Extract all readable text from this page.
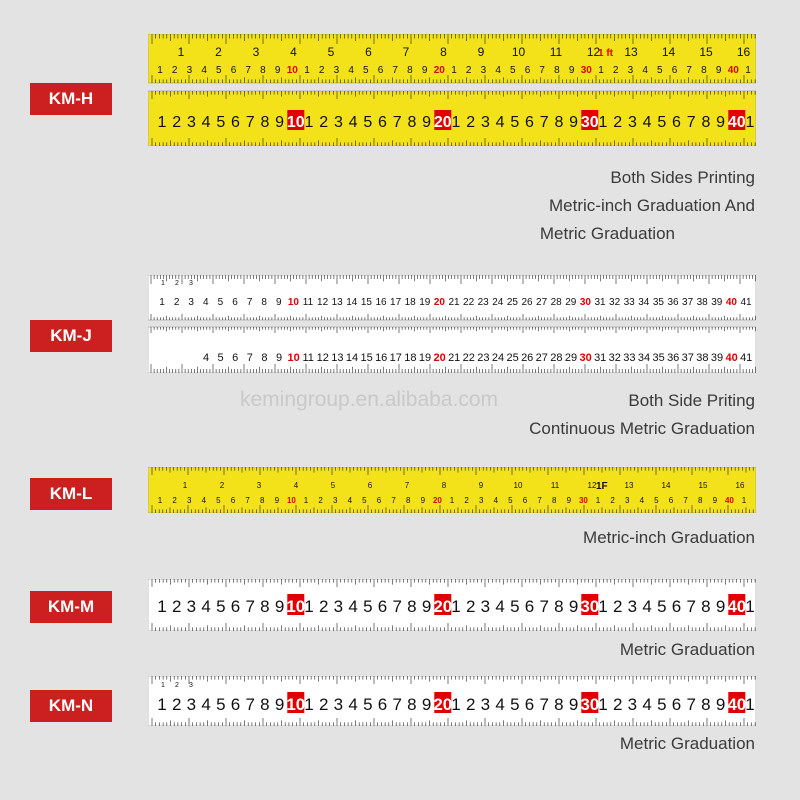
KM-H
1	2	3	4	5	6	7	8	9 10 11 12 13 14 15 16
1 2 3 4 5 6 7 8 9 10 1 2 3 4 5 6 7 8 9 20 1 2 3 4 5 6 7 8 9 30 1 2 3 4 5 6 7 8 9 40 1
1 ft
1 2 3 4 5 6 7 8 9 10 1 2 3 4 5 6 7 8 9 20 1 2 3 4 5 6 7 8 9 30 1 2 3 4 5 6 7 8 9 40 1
Both Sides Printing
Metric-inch Graduation And
Metric Graduation
KM-J
1 2 3
1 2 3 4 5 6 7 8 9 10 11 12 13 14 15 16 17 18 19 20 21 22 23 24 25 26 27 28 29 30 31 32 33 34 35 36 37 38 39 40 41
4 5 6 7 8 9 10 11 12 13 14 15 16 17 18 19 20 21 22 23 24 25 26 27 28 29 30 31 32 33 34 35 36 37 38 39 40 41
kemingroup.en.alibaba.com	Both Side Priting
Continuous Metric Graduation
KM-L	1	2	3	4	5	6	7	8	9	10	11	12	13	14	15	16
1 2 3 4 5 6 7 8 9 10 1 2 3 4 5 6 7 8 9 20 1 2 3 4 5 6 7 8 9 30 1 2 3 4 5 6 7 8 9 40 1
1F
Metric-inch Graduation
KM-M	1 2 3 4 5 6 7 8 9 10 1 2 3 4 5 6 7 8 9 20 1 2 3 4 5 6 7 8 9 30 1 2 3 4 5 6 7 8 9 40 1
Metric Graduation
KM-N
1 2 3
1 2 3 4 5 6 7 8 9 10 1 2 3 4 5 6 7 8 9 20 1 2 3 4 5 6 7 8 9 30 1 2 3 4 5 6 7 8 9 40 1
Metric Graduation
